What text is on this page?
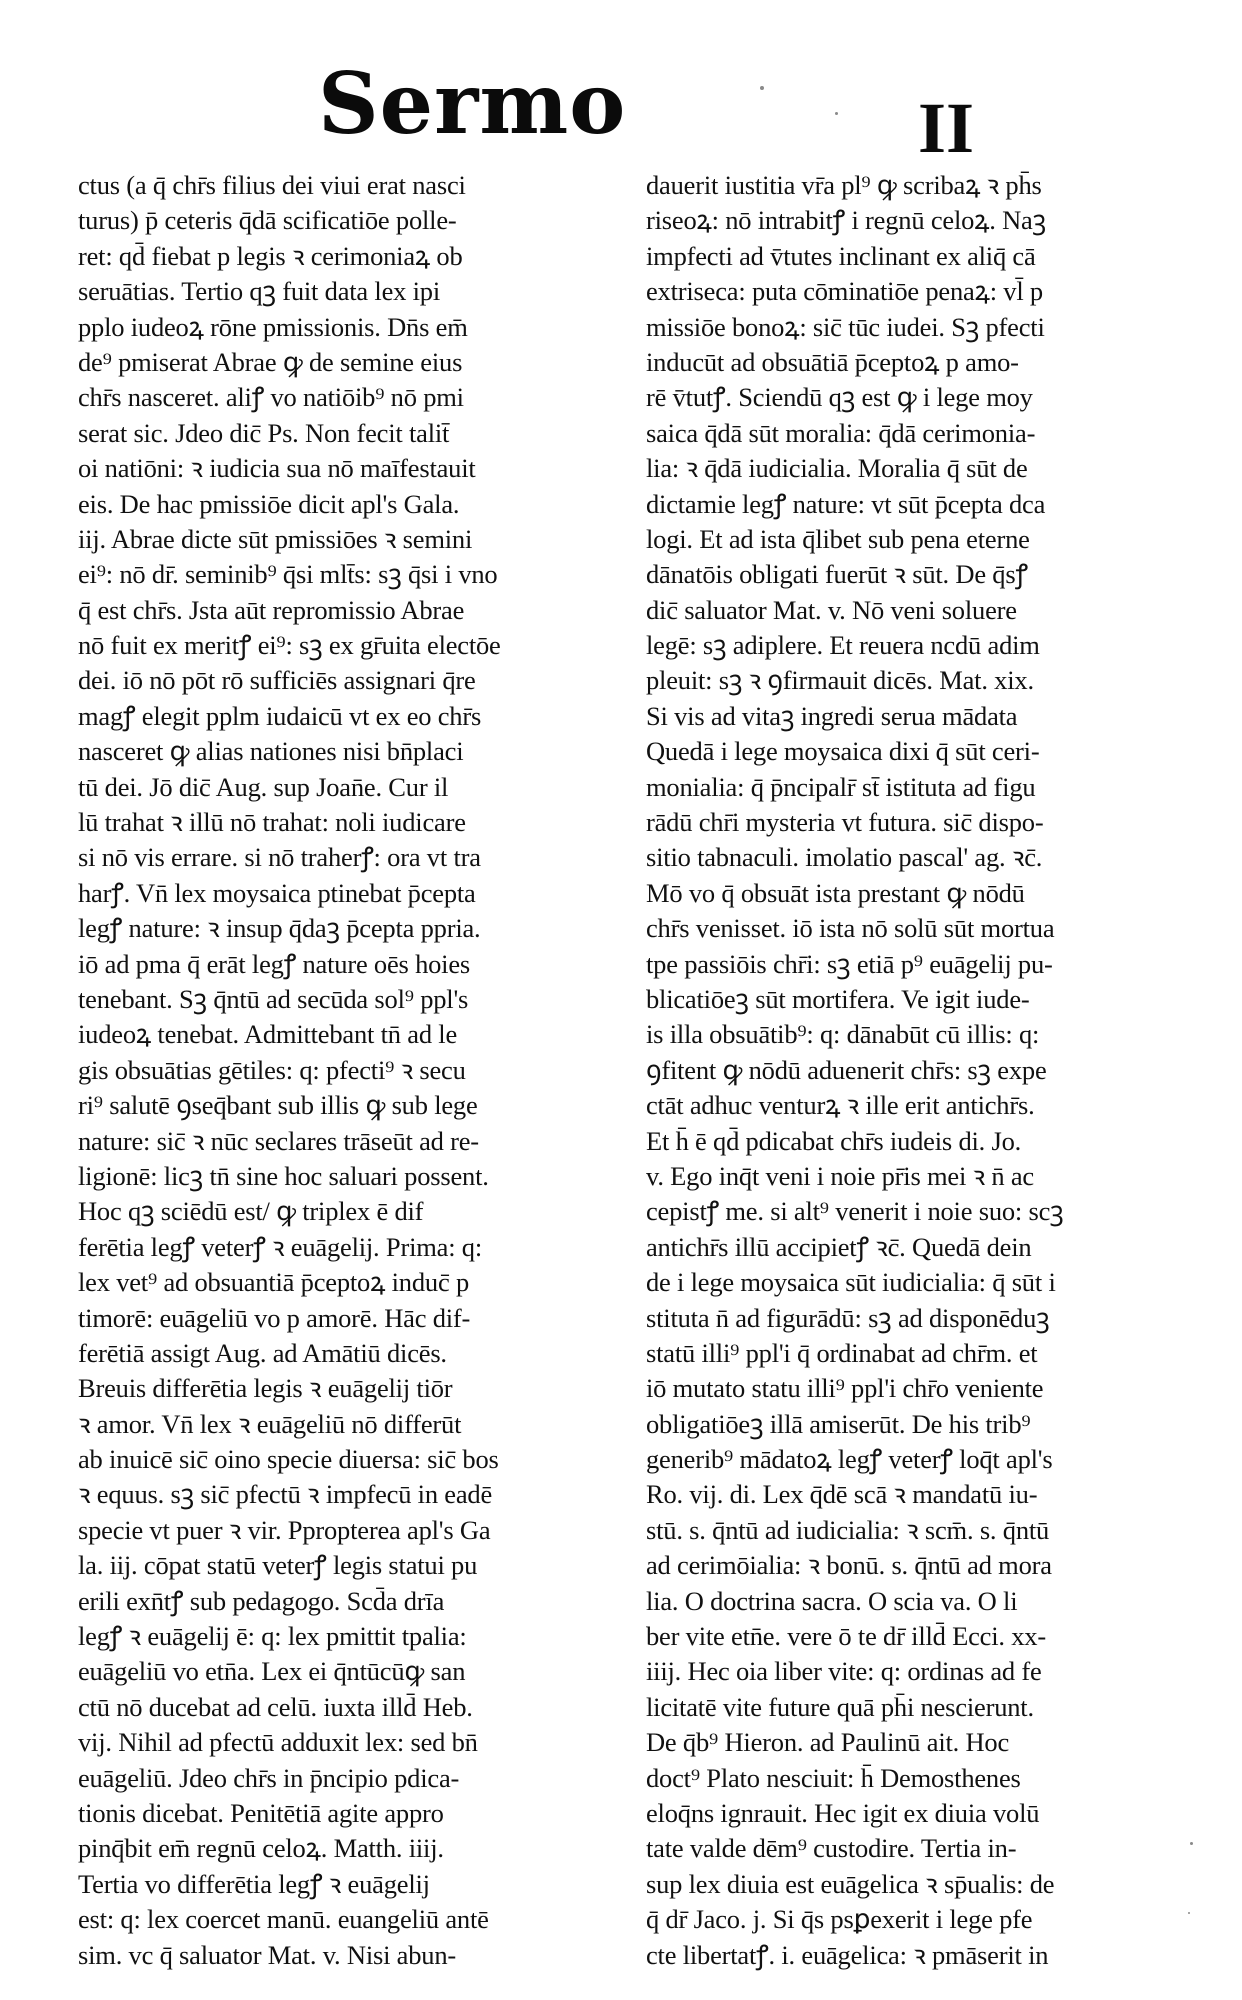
Sermo	II
ctus (a q̄ chr̄s filius dei viui erat nasci
turus) p̄ ceteris q̄dā scificatiōe polle-
ret: qd̄ fiebat p legis ꝛ cerimoniaꝝ ob
seruātias. Tertio qꝫ fuit data lex ipi
pplo iudeoꝝ rōne pmissionis. Dn̄s em̄
de⁹ pmiserat Abrae ꝙ de semine eius
chr̄s nasceret. aliꝭ vo natiōib⁹ nō pmi
serat sic. Jdeo dic̄ Ps. Non fecit talit̄
oi natiōni: ꝛ iudicia sua nō maīfestauit
eis. De hac pmissiōe dicit apl's Gala.
iij. Abrae dicte sūt pmissiōes ꝛ semini
ei⁹: nō dr̄. seminib⁹ q̄si mlt̄s: sꝫ q̄si i vno
q̄ est chr̄s. Jsta aūt repromissio Abrae
nō fuit ex meritꝭ ei⁹: sꝫ ex gr̄uita electōe
dei. iō nō pōt rō sufficiēs assignari q̄re
magꝭ elegit pplm iudaicū vt ex eo chr̄s
nasceret ꝙ alias nationes nisi bn̄placi
tū dei. Jō dic̄ Aug. sup Joan̄e. Cur il
lū trahat ꝛ illū nō trahat: noli iudicare
si nō vis errare. si nō traherꝭ: ora vt tra
harꝭ. Vn̄ lex moysaica ptinebat p̄cepta
legꝭ nature: ꝛ insup q̄daꝫ p̄cepta ppria.
iō ad pma q̄ erāt legꝭ nature oēs hoies
tenebant. Sꝫ q̄ntū ad secūda sol⁹ ppl's
iudeoꝝ tenebat. Admittebant tn̄ ad le
gis obsuātias gētiles: q: pfecti⁹ ꝛ secu
ri⁹ salutē ꝯseq̄bant sub illis ꝙ sub lege
nature: sic̄ ꝛ nūc seclares trāseūt ad re-
ligionē: licꝫ tn̄ sine hoc saluari possent.
Hoc qꝫ sciēdū est/ ꝙ triplex ē dif
ferētia legꝭ veterꝭ ꝛ euāgelij. Prima: q:
lex vet⁹ ad obsuantiā p̄ceptoꝝ induc̄ p
timorē: euāgeliū vo p amorē. Hāc dif-
ferētiā assigt Aug. ad Amātiū dicēs.
Breuis differētia legis ꝛ euāgelij tiōr
ꝛ amor. Vn̄ lex ꝛ euāgeliū nō differūt
ab inuicē sic̄ oino specie diuersa: sic̄ bos
ꝛ equus. sꝫ sic̄ pfectū ꝛ impfecū in eadē
specie vt puer ꝛ vir. Ppropterea apl's Ga
la. iij. cōpat statū veterꝭ legis statui pu
erili exn̄tꝭ sub pedagogo. Scd̄a drīa
legꝭ ꝛ euāgelij ē: q: lex pmittit tpalia:
euāgeliū vo etn̄a. Lex ei q̄ntūcūꝙ san
ctū nō ducebat ad celū. iuxta illd̄ Heb.
vij. Nihil ad pfectū adduxit lex: sed bn̄
euāgeliū. Jdeo chr̄s in p̄ncipio pdica-
tionis dicebat. Penitētiā agite appro
pinq̄bit em̄ regnū celoꝝ. Matth. iiij.
Tertia vo differētia legꝭ ꝛ euāgelij
est: q: lex coercet manū. euangeliū antē
sim. vc q̄ saluator Mat. v. Nisi abun-
dauerit iustitia vr̄a pl⁹ ꝙ scribaꝝ ꝛ ph̄s
riseoꝝ: nō intrabitꝭ i regnū celoꝝ. Naꝫ
impfecti ad v̄tutes inclinant ex aliq̄ cā
extriseca: puta cōminatiōe penaꝝ: vl̄ p
missiōe bonoꝝ: sic̄ tūc iudei. Sꝫ pfecti
inducūt ad obsuātiā p̄ceptoꝝ p amo-
rē v̄tutꝭ. Sciendū qꝫ est ꝙ i lege moy
saica q̄dā sūt moralia: q̄dā cerimonia-
lia: ꝛ q̄dā iudicialia. Moralia q̄ sūt de
dictamie legꝭ nature: vt sūt p̄cepta dca
logi. Et ad ista q̄libet sub pena eterne
dānatōis obligati fuerūt ꝛ sūt. De q̄sꝭ
dic̄ saluator Mat. v. Nō veni soluere
legē: sꝫ adiplere. Et reuera ncdū adim
pleuit: sꝫ ꝛ ꝯfirmauit dicēs. Mat. xix.
Si vis ad vitaꝫ ingredi serua mādata
Quedā i lege moysaica dixi q̄ sūt ceri-
monialia: q̄ p̄ncipalr̄ st̄ istituta ad figu
rādū chr̄i mysteria vt futura. sic̄ dispo-
sitio tabnaculi. imolatio pascal' ag. ꝛc̄.
Mō vo q̄ obsuāt ista prestant ꝙ nōdū
chr̄s venisset. iō ista nō solū sūt mortua
tpe passiōis chr̄i: sꝫ etiā p⁹ euāgelij pu-
blicatiōeꝫ sūt mortifera. Ve igit iude-
is illa obsuātib⁹: q: dānabūt cū illis: q:
ꝯfitent ꝙ nōdū aduenerit chr̄s: sꝫ expe
ctāt adhuc venturꝝ ꝛ ille erit antichr̄s.
Et h̄ ē qd̄ pdicabat chr̄s iudeis di. Jo.
v. Ego inq̄t veni i noie pr̄is mei ꝛ n̄ ac
cepistꝭ me. si alt⁹ venerit i noie suo: scꝫ
antichr̄s illū accipietꝭ ꝛc̄. Quedā dein
de i lege moysaica sūt iudicialia: q̄ sūt i
stituta n̄ ad figurādū: sꝫ ad disponēduꝫ
statū illi⁹ ppl'i q̄ ordinabat ad chr̄m. et
iō mutato statu illi⁹ ppl'i chr̄o veniente
obligatiōeꝫ illā amiserūt. De his trib⁹
generib⁹ mādatoꝝ legꝭ veterꝭ loq̄t apl's
Ro. vij. di. Lex q̄dē scā ꝛ mandatū iu-
stū. s. q̄ntū ad iudicialia: ꝛ scm̄. s. q̄ntū
ad cerimōialia: ꝛ bonū. s. q̄ntū ad mora
lia. O doctrina sacra. O scia va. O li
ber vite etn̄e. vere ō te dr̄ illd̄ Ecci. xx-
iiij. Hec oia liber vite: q: ordinas ad fe
licitatē vite future quā ph̄i nescierunt.
De q̄b⁹ Hieron. ad Paulinū ait. Hoc
doct⁹ Plato nesciuit: h̄ Demosthenes
eloq̄ns ignrauit. Hec igit ex diuia volū
tate valde dēm⁹ custodire. Tertia in-
sup lex diuia est euāgelica ꝛ sp̄ualis: de
q̄ dr̄ Jaco. j. Si q̄s psꝑexerit i lege pfe
cte libertatꝭ. i. euāgelica: ꝛ pmāserit in
